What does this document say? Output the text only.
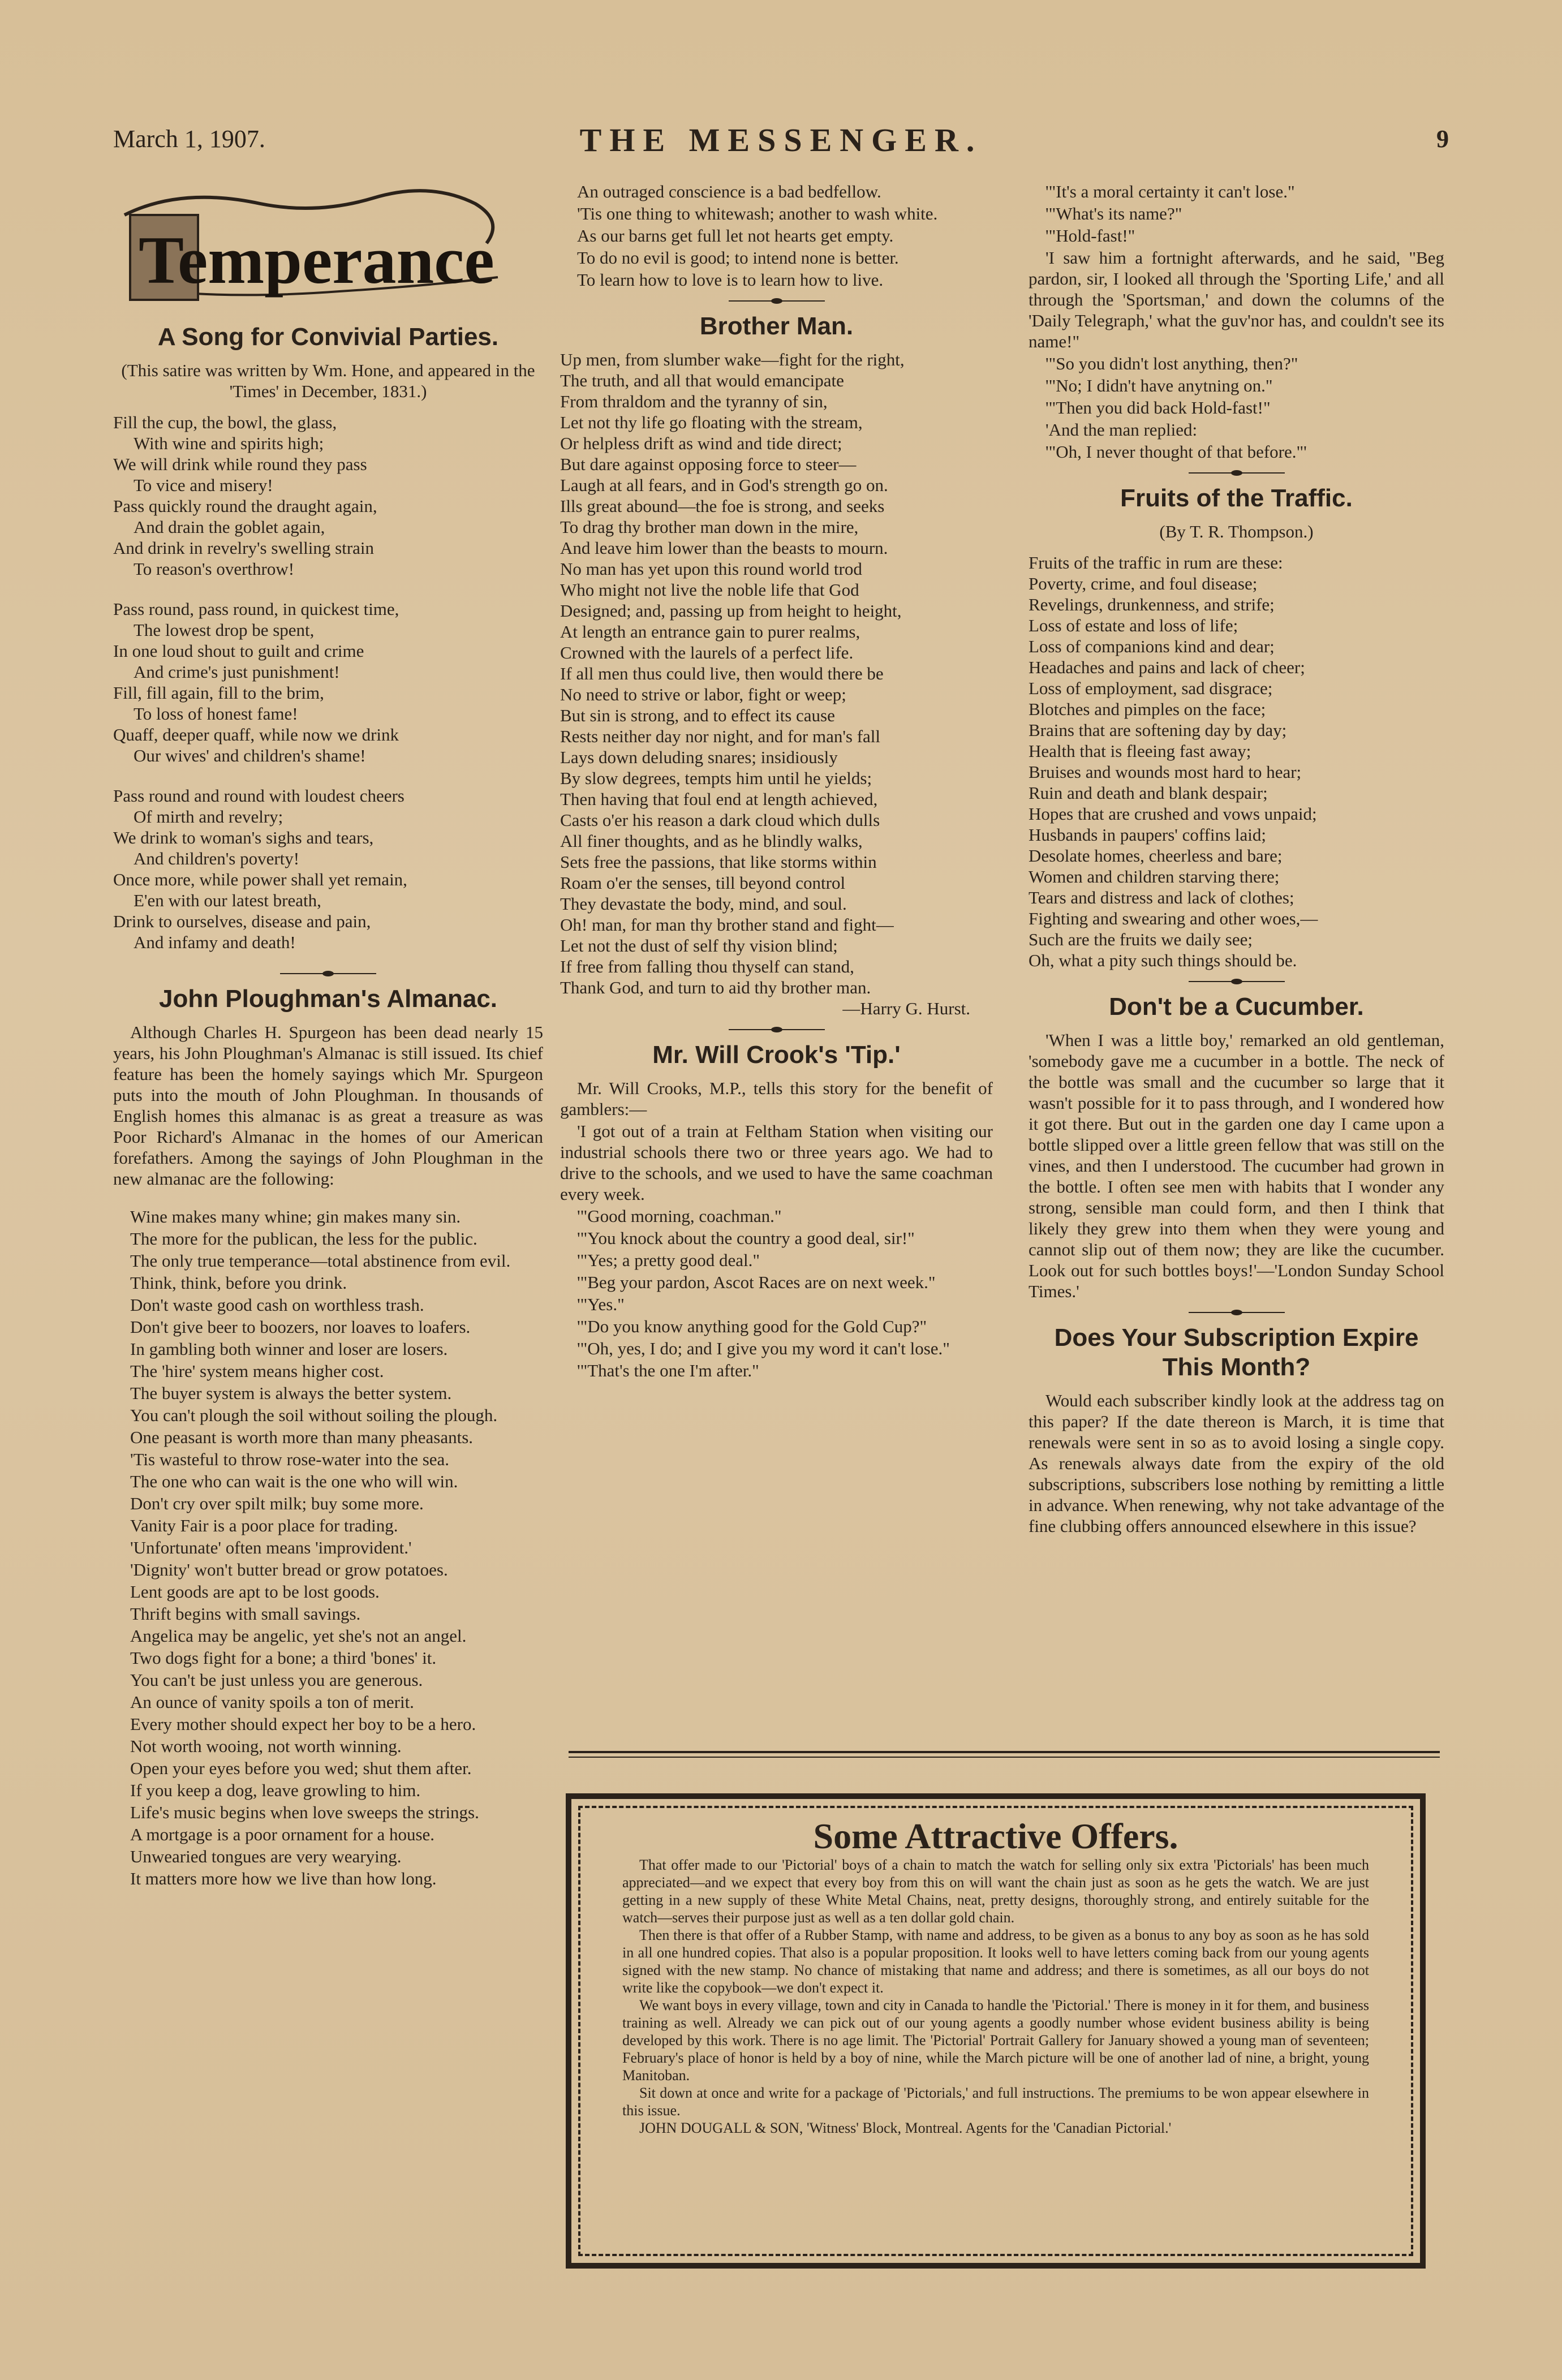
March 1, 1907.	THE MESSENGER.	9
Temperance
A Song for Convivial Parties.
(This satire was written by Wm. Hone, and appeared in the 'Times' in December, 1831.)
Fill the cup, the bowl, the glass,
With wine and spirits high;
We will drink while round they pass
To vice and misery!
Pass quickly round the draught again,
And drain the goblet again,
And drink in revelry's swelling strain
To reason's overthrow!
Pass round, pass round, in quickest time,
The lowest drop be spent,
In one loud shout to guilt and crime
And crime's just punishment!
Fill, fill again, fill to the brim,
To loss of honest fame!
Quaff, deeper quaff, while now we drink
Our wives' and children's shame!
Pass round and round with loudest cheers
Of mirth and revelry;
We drink to woman's sighs and tears,
And children's poverty!
Once more, while power shall yet remain,
E'en with our latest breath,
Drink to ourselves, disease and pain,
And infamy and death!
John Ploughman's Almanac.

Although Charles H. Spurgeon has been dead nearly 15 years, his John Ploughman's Almanac is still issued. Its chief feature has been the homely sayings which Mr. Spurgeon puts into the mouth of John Ploughman. In thousands of English homes this almanac is as great a treasure as was Poor Richard's Almanac in the homes of our American forefathers. Among the sayings of John Ploughman in the new almanac are the following:

Wine makes many whine; gin makes many sin.

The more for the publican, the less for the public.

The only true temperance—total abstinence from evil.

Think, think, before you drink.

Don't waste good cash on worthless trash.

Don't give beer to boozers, nor loaves to loafers.

In gambling both winner and loser are losers.

The 'hire' system means higher cost.

The buyer system is always the better system.

You can't plough the soil without soiling the plough.

One peasant is worth more than many pheasants.

'Tis wasteful to throw rose-water into the sea.

The one who can wait is the one who will win.

Don't cry over spilt milk; buy some more.

Vanity Fair is a poor place for trading.

'Unfortunate' often means 'improvident.'

'Dignity' won't butter bread or grow potatoes.

Lent goods are apt to be lost goods.

Thrift begins with small savings.

Angelica may be angelic, yet she's not an angel.

Two dogs fight for a bone; a third 'bones' it.

You can't be just unless you are generous.

An ounce of vanity spoils a ton of merit.

Every mother should expect her boy to be a hero.

Not worth wooing, not worth winning.

Open your eyes before you wed; shut them after.

If you keep a dog, leave growling to him.

Life's music begins when love sweeps the strings.

A mortgage is a poor ornament for a house.

Unwearied tongues are very wearying.

It matters more how we live than how long.

An outraged conscience is a bad bedfellow.

'Tis one thing to whitewash; another to wash white.

As our barns get full let not hearts get empty.

To do no evil is good; to intend none is better.

To learn how to love is to learn how to live.

Brother Man.
Up men, from slumber wake—fight for the right,
The truth, and all that would emancipate
From thraldom and the tyranny of sin,
Let not thy life go floating with the stream,
Or helpless drift as wind and tide direct;
But dare against opposing force to steer—
Laugh at all fears, and in God's strength go on.
Ills great abound—the foe is strong, and seeks
To drag thy brother man down in the mire,
And leave him lower than the beasts to mourn.
No man has yet upon this round world trod
Who might not live the noble life that God
Designed; and, passing up from height to height,
At length an entrance gain to purer realms,
Crowned with the laurels of a perfect life.
If all men thus could live, then would there be
No need to strive or labor, fight or weep;
But sin is strong, and to effect its cause
Rests neither day nor night, and for man's fall
Lays down deluding snares; insidiously
By slow degrees, tempts him until he yields;
Then having that foul end at length achieved,
Casts o'er his reason a dark cloud which dulls
All finer thoughts, and as he blindly walks,
Sets free the passions, that like storms within
Roam o'er the senses, till beyond control
They devastate the body, mind, and soul.
Oh! man, for man thy brother stand and fight—
Let not the dust of self thy vision blind;
If free from falling thou thyself can stand,
Thank God, and turn to aid thy brother man.
—Harry G. Hurst.
Mr. Will Crook's 'Tip.'

Mr. Will Crooks, M.P., tells this story for the benefit of gamblers:—

'I got out of a train at Feltham Station when visiting our industrial schools there two or three years ago. We had to drive to the schools, and we used to have the same coachman every week.

'"Good morning, coachman."

'"You knock about the country a good deal, sir!"

'"Yes; a pretty good deal."

'"Beg your pardon, Ascot Races are on next week."

'"Yes."

'"Do you know anything good for the Gold Cup?"

'"Oh, yes, I do; and I give you my word it can't lose."

'"That's the one I'm after."

'"It's a moral certainty it can't lose."

'"What's its name?"

'"Hold-fast!"

'I saw him a fortnight afterwards, and he said, "Beg pardon, sir, I looked all through the 'Sporting Life,' and all through the 'Sportsman,' and down the columns of the 'Daily Telegraph,' what the guv'nor has, and couldn't see its name!"

'"So you didn't lost anything, then?"

'"No; I didn't have anytning on."

'"Then you did back Hold-fast!"

'And the man replied:

'"Oh, I never thought of that before."'

Fruits of the Traffic.
(By T. R. Thompson.)
Fruits of the traffic in rum are these:
Poverty, crime, and foul disease;
Revelings, drunkenness, and strife;
Loss of estate and loss of life;
Loss of companions kind and dear;
Headaches and pains and lack of cheer;
Loss of employment, sad disgrace;
Blotches and pimples on the face;
Brains that are softening day by day;
Health that is fleeing fast away;
Bruises and wounds most hard to hear;
Ruin and death and blank despair;
Hopes that are crushed and vows unpaid;
Husbands in paupers' coffins laid;
Desolate homes, cheerless and bare;
Women and children starving there;
Tears and distress and lack of clothes;
Fighting and swearing and other woes,—
Such are the fruits we daily see;
Oh, what a pity such things should be.
Don't be a Cucumber.

'When I was a little boy,' remarked an old gentleman, 'somebody gave me a cucumber in a bottle. The neck of the bottle was small and the cucumber so large that it wasn't possible for it to pass through, and I wondered how it got there. But out in the garden one day I came upon a bottle slipped over a little green fellow that was still on the vines, and then I understood. The cucumber had grown in the bottle. I often see men with habits that I wonder any strong, sensible man could form, and then I think that likely they grew into them when they were young and cannot slip out of them now; they are like the cucumber. Look out for such bottles boys!'—'London Sunday School Times.'

Does Your Subscription Expire This Month?

Would each subscriber kindly look at the address tag on this paper? If the date thereon is March, it is time that renewals were sent in so as to avoid losing a single copy. As renewals always date from the expiry of the old subscriptions, subscribers lose nothing by remitting a little in advance. When renewing, why not take advantage of the fine clubbing offers announced elsewhere in this issue?

Some Attractive Offers.

That offer made to our 'Pictorial' boys of a chain to match the watch for selling only six extra 'Pictorials' has been much appreciated—and we expect that every boy from this on will want the chain just as soon as he gets the watch. We are just getting in a new supply of these White Metal Chains, neat, pretty designs, thoroughly strong, and entirely suitable for the watch—serves their purpose just as well as a ten dollar gold chain.

Then there is that offer of a Rubber Stamp, with name and address, to be given as a bonus to any boy as soon as he has sold in all one hundred copies. That also is a popular proposition. It looks well to have letters coming back from our young agents signed with the new stamp. No chance of mistaking that name and address; and there is sometimes, as all our boys do not write like the copybook—we don't expect it.

We want boys in every village, town and city in Canada to handle the 'Pictorial.' There is money in it for them, and business training as well. Already we can pick out of our young agents a goodly number whose evident business ability is being developed by this work. There is no age limit. The 'Pictorial' Portrait Gallery for January showed a young man of seventeen; February's place of honor is held by a boy of nine, while the March picture will be one of another lad of nine, a bright, young Manitoban.

Sit down at once and write for a package of 'Pictorials,' and full instructions. The premiums to be won appear elsewhere in this issue.

JOHN DOUGALL & SON, 'Witness' Block, Montreal. Agents for the 'Canadian Pictorial.'
